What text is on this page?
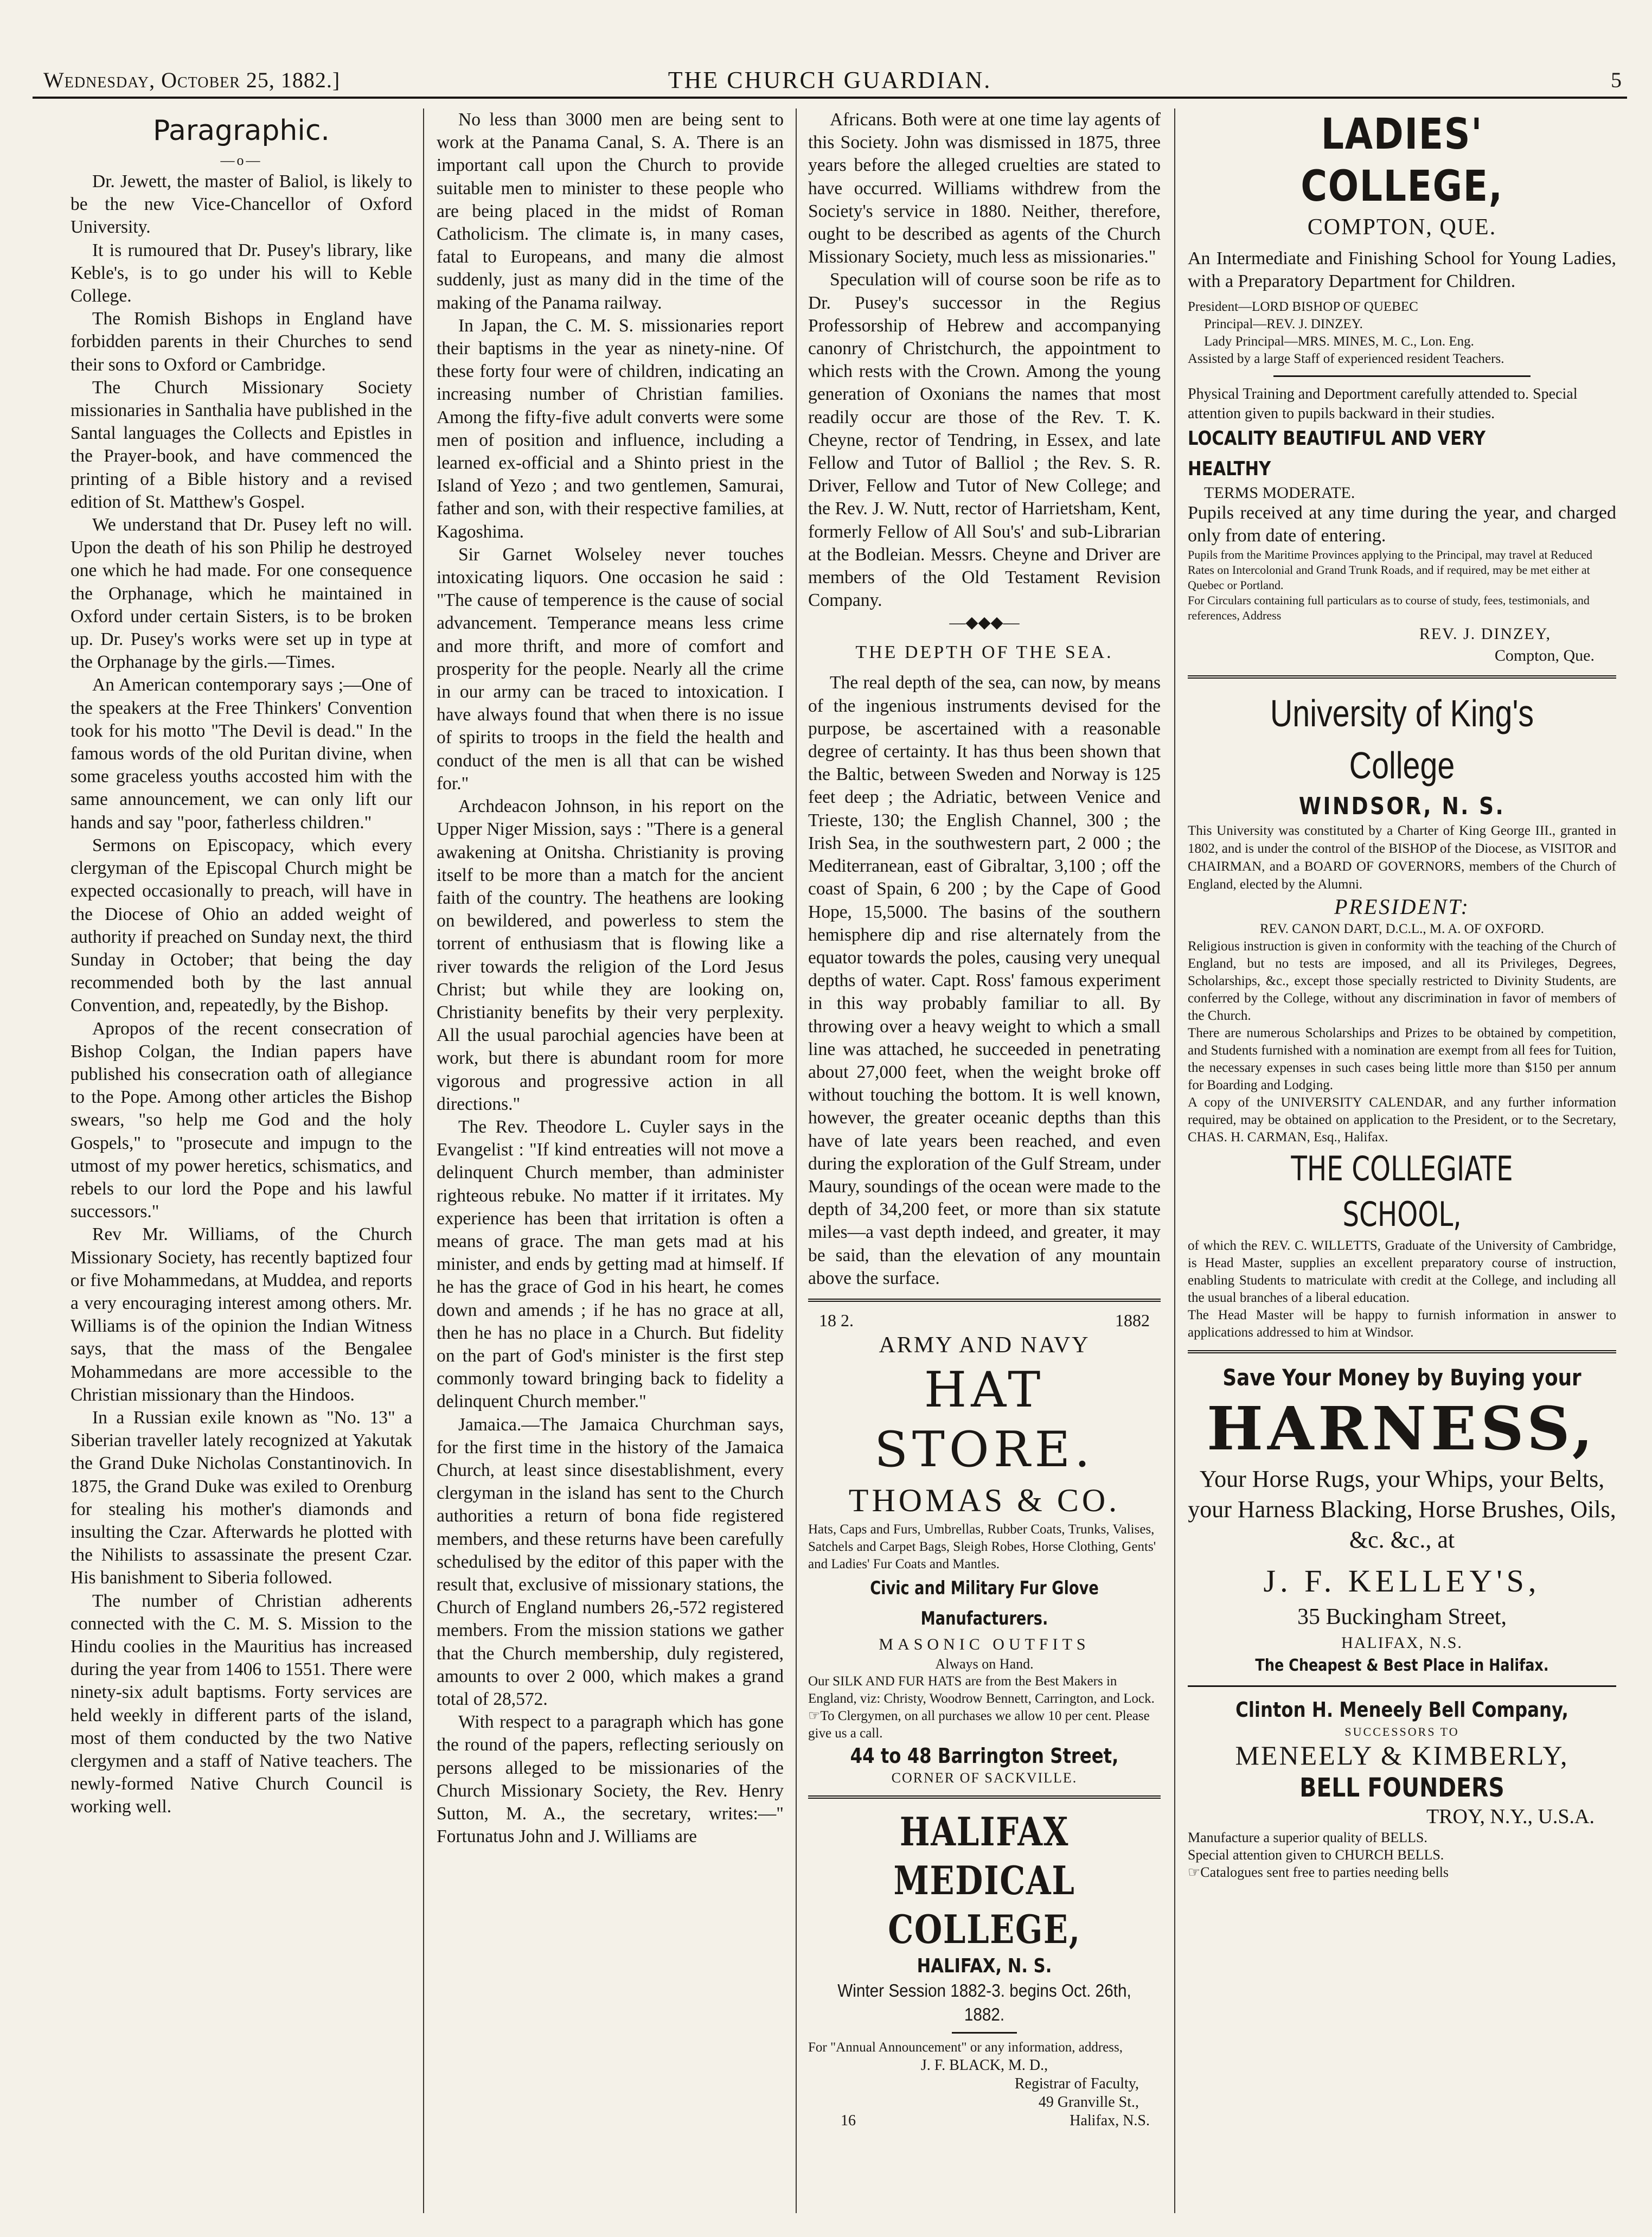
Wednesday, October 25, 1882.]	THE CHURCH GUARDIAN.	5
Paragraphic.
—o—

Dr. Jewett, the master of Baliol, is likely to be the new Vice-Chancellor of Oxford University.

It is rumoured that Dr. Pusey's library, like Keble's, is to go under his will to Keble College.

The Romish Bishops in England have forbidden parents in their Churches to send their sons to Oxford or Cambridge.

The Church Missionary Society missionaries in Santhalia have published in the Santal languages the Collects and Epistles in the Prayer-book, and have commenced the printing of a Bible history and a revised edition of St. Matthew's Gospel.

We understand that Dr. Pusey left no will. Upon the death of his son Philip he destroyed one which he had made. For one consequence the Orphanage, which he maintained in Oxford under certain Sisters, is to be broken up. Dr. Pusey's works were set up in type at the Orphanage by the girls.—Times.

An American contemporary says ;—One of the speakers at the Free Thinkers' Convention took for his motto "The Devil is dead." In the famous words of the old Puritan divine, when some graceless youths accosted him with the same announcement, we can only lift our hands and say "poor, fatherless children."

Sermons on Episcopacy, which every clergyman of the Episcopal Church might be expected occasionally to preach, will have in the Diocese of Ohio an added weight of authority if preached on Sunday next, the third Sunday in October; that being the day recommended both by the last annual Convention, and, repeatedly, by the Bishop.

Apropos of the recent consecration of Bishop Colgan, the Indian papers have published his consecration oath of allegiance to the Pope. Among other articles the Bishop swears, "so help me God and the holy Gospels," to "prosecute and impugn to the utmost of my power heretics, schismatics, and rebels to our lord the Pope and his lawful successors."

Rev Mr. Williams, of the Church Missionary Society, has recently baptized four or five Mohammedans, at Muddea, and reports a very encouraging interest among others. Mr. Williams is of the opinion the Indian Witness says, that the mass of the Bengalee Mohammedans are more accessible to the Christian missionary than the Hindoos.

In a Russian exile known as "No. 13" a Siberian traveller lately recognized at Yakutak the Grand Duke Nicholas Constantinovich. In 1875, the Grand Duke was exiled to Orenburg for stealing his mother's diamonds and insulting the Czar. Afterwards he plotted with the Nihilists to assassinate the present Czar. His banishment to Siberia followed.

The number of Christian adherents connected with the C. M. S. Mission to the Hindu coolies in the Mauritius has increased during the year from 1406 to 1551. There were ninety-six adult baptisms. Forty services are held weekly in different parts of the island, most of them conducted by the two Native clergymen and a staff of Native teachers. The newly-formed Native Church Council is working well.

No less than 3000 men are being sent to work at the Panama Canal, S. A. There is an important call upon the Church to provide suitable men to minister to these people who are being placed in the midst of Roman Catholicism. The climate is, in many cases, fatal to Europeans, and many die almost suddenly, just as many did in the time of the making of the Panama railway.

In Japan, the C. M. S. missionaries report their baptisms in the year as ninety-nine. Of these forty four were of children, indicating an increasing number of Christian families. Among the fifty-five adult converts were some men of position and influence, including a learned ex-official and a Shinto priest in the Island of Yezo ; and two gentlemen, Samurai, father and son, with their respective families, at Kagoshima.

Sir Garnet Wolseley never touches intoxicating liquors. One occasion he said : "The cause of temperence is the cause of social advancement. Temperance means less crime and more thrift, and more of comfort and prosperity for the people. Nearly all the crime in our army can be traced to intoxication. I have always found that when there is no issue of spirits to troops in the field the health and conduct of the men is all that can be wished for."

Archdeacon Johnson, in his report on the Upper Niger Mission, says : "There is a general awakening at Onitsha. Christianity is proving itself to be more than a match for the ancient faith of the country. The heathens are looking on bewildered, and powerless to stem the torrent of enthusiasm that is flowing like a river towards the religion of the Lord Jesus Christ; but while they are looking on, Christianity benefits by their very perplexity. All the usual parochial agencies have been at work, but there is abundant room for more vigorous and progressive action in all directions."

The Rev. Theodore L. Cuyler says in the Evangelist : "If kind entreaties will not move a delinquent Church member, than administer righteous rebuke. No matter if it irritates. My experience has been that irritation is often a means of grace. The man gets mad at his minister, and ends by getting mad at himself. If he has the grace of God in his heart, he comes down and amends ; if he has no grace at all, then he has no place in a Church. But fidelity on the part of God's minister is the first step commonly toward bringing back to fidelity a delinquent Church member."

Jamaica.—The Jamaica Churchman says, for the first time in the history of the Jamaica Church, at least since disestablishment, every clergyman in the island has sent to the Church authorities a return of bona fide registered members, and these returns have been carefully schedulised by the editor of this paper with the result that, exclusive of missionary stations, the Church of England numbers 26,-572 registered members. From the mission stations we gather that the Church membership, duly registered, amounts to over 2 000, which makes a grand total of 28,572.

With respect to a paragraph which has gone the round of the papers, reflecting seriously on persons alleged to be missionaries of the Church Missionary Society, the Rev. Henry Sutton, M. A., the secretary, writes:—" Fortunatus John and J. Williams are

Africans. Both were at one time lay agents of this Society. John was dismissed in 1875, three years before the alleged cruelties are stated to have occurred. Williams withdrew from the Society's service in 1880. Neither, therefore, ought to be described as agents of the Church Missionary Society, much less as missionaries."

Speculation will of course soon be rife as to Dr. Pusey's successor in the Regius Professorship of Hebrew and accompanying canonry of Christchurch, the appointment to which rests with the Crown. Among the young generation of Oxonians the names that most readily occur are those of the Rev. T. K. Cheyne, rector of Tendring, in Essex, and late Fellow and Tutor of Balliol ; the Rev. S. R. Driver, Fellow and Tutor of New College; and the Rev. J. W. Nutt, rector of Harrietsham, Kent, formerly Fellow of All Sou's' and sub-Librarian at the Bodleian. Messrs. Cheyne and Driver are members of the Old Testament Revision Company.

—◆◆◆—
THE DEPTH OF THE SEA.

The real depth of the sea, can now, by means of the ingenious instruments devised for the purpose, be ascertained with a reasonable degree of certainty. It has thus been shown that the Baltic, between Sweden and Norway is 125 feet deep ; the Adriatic, between Venice and Trieste, 130; the English Channel, 300 ; the Irish Sea, in the southwestern part, 2 000 ; the Mediterranean, east of Gibraltar, 3,100 ; off the coast of Spain, 6 200 ; by the Cape of Good Hope, 15,5000. The basins of the southern hemisphere dip and rise alternately from the equator towards the poles, causing very unequal depths of water. Capt. Ross' famous experiment in this way probably familiar to all. By throwing over a heavy weight to which a small line was attached, he succeeded in penetrating about 27,000 feet, when the weight broke off without touching the bottom. It is well known, however, the greater oceanic depths than this have of late years been reached, and even during the exploration of the Gulf Stream, under Maury, soundings of the ocean were made to the depth of 34,200 feet, or more than six statute miles—a vast depth indeed, and greater, it may be said, than the elevation of any mountain above the surface.

18 2.	1882
ARMY AND NAVY
HAT STORE.
THOMAS & CO.
Hats, Caps and Furs, Umbrellas, Rubber Coats, Trunks, Valises, Satchels and Carpet Bags, Sleigh Robes, Horse Clothing, Gents' and Ladies' Fur Coats and Mantles.
Civic and Military Fur Glove Manufacturers.
MASONIC OUTFITS
Always on Hand.
Our SILK AND FUR HATS are from the Best Makers in England, viz: Christy, Woodrow Bennett, Carrington, and Lock.
☞To Clergymen, on all purchases we allow 10 per cent. Please give us a call.
44 to 48 Barrington Street,
CORNER OF SACKVILLE.
HALIFAX MEDICAL COLLEGE,
HALIFAX, N. S.
Winter Session 1882-3. begins Oct. 26th, 1882.
For "Annual Announcement" or any information, address,
J. F. BLACK, M. D.,
Registrar of Faculty,
49 Granville St.,
16	Halifax, N.S.
LADIES' COLLEGE,
COMPTON, QUE.
An Intermediate and Finishing School for Young Ladies, with a Preparatory Department for Children.
President—LORD BISHOP OF QUEBEC
Principal—REV. J. DINZEY.
Lady Principal—MRS. MINES, M. C., Lon. Eng.
Assisted by a large Staff of experienced resident Teachers.
Physical Training and Deportment carefully attended to. Special attention given to pupils backward in their studies.
LOCALITY BEAUTIFUL AND VERY HEALTHY
TERMS MODERATE.
Pupils received at any time during the year, and charged only from date of entering.
Pupils from the Maritime Provinces applying to the Principal, may travel at Reduced Rates on Intercolonial and Grand Trunk Roads, and if required, may be met either at Quebec or Portland.
For Circulars containing full particulars as to course of study, fees, testimonials, and references, Address
REV. J. DINZEY,
Compton, Que.
University of King's College
WINDSOR, N. S.
This University was constituted by a Charter of King George III., granted in 1802, and is under the control of the BISHOP of the Diocese, as VISITOR and CHAIRMAN, and a BOARD OF GOVERNORS, members of the Church of England, elected by the Alumni.
PRESIDENT:
REV. CANON DART, D.C.L., M. A. OF OXFORD.
Religious instruction is given in conformity with the teaching of the Church of England, but no tests are imposed, and all its Privileges, Degrees, Scholarships, &c., except those specially restricted to Divinity Students, are conferred by the College, without any discrimination in favor of members of the Church.
There are numerous Scholarships and Prizes to be obtained by competition, and Students furnished with a nomination are exempt from all fees for Tuition, the necessary expenses in such cases being little more than $150 per annum for Boarding and Lodging.
A copy of the UNIVERSITY CALENDAR, and any further information required, may be obtained on application to the President, or to the Secretary, CHAS. H. CARMAN, Esq., Halifax.
THE COLLEGIATE SCHOOL,
of which the REV. C. WILLETTS, Graduate of the University of Cambridge, is Head Master, supplies an excellent preparatory course of instruction, enabling Students to matriculate with credit at the College, and including all the usual branches of a liberal education.
The Head Master will be happy to furnish information in answer to applications addressed to him at Windsor.
Save Your Money by Buying your
HARNESS,
Your Horse Rugs, your Whips, your Belts, your Harness Blacking, Horse Brushes, Oils, &c. &c., at
J. F. KELLEY'S,
35 Buckingham Street,
HALIFAX, N.S.
The Cheapest & Best Place in Halifax.
Clinton H. Meneely Bell Company,
SUCCESSORS TO
MENEELY & KIMBERLY,
BELL FOUNDERS
TROY, N.Y., U.S.A.
Manufacture a superior quality of BELLS.
Special attention given to CHURCH BELLS.
☞Catalogues sent free to parties needing bells
